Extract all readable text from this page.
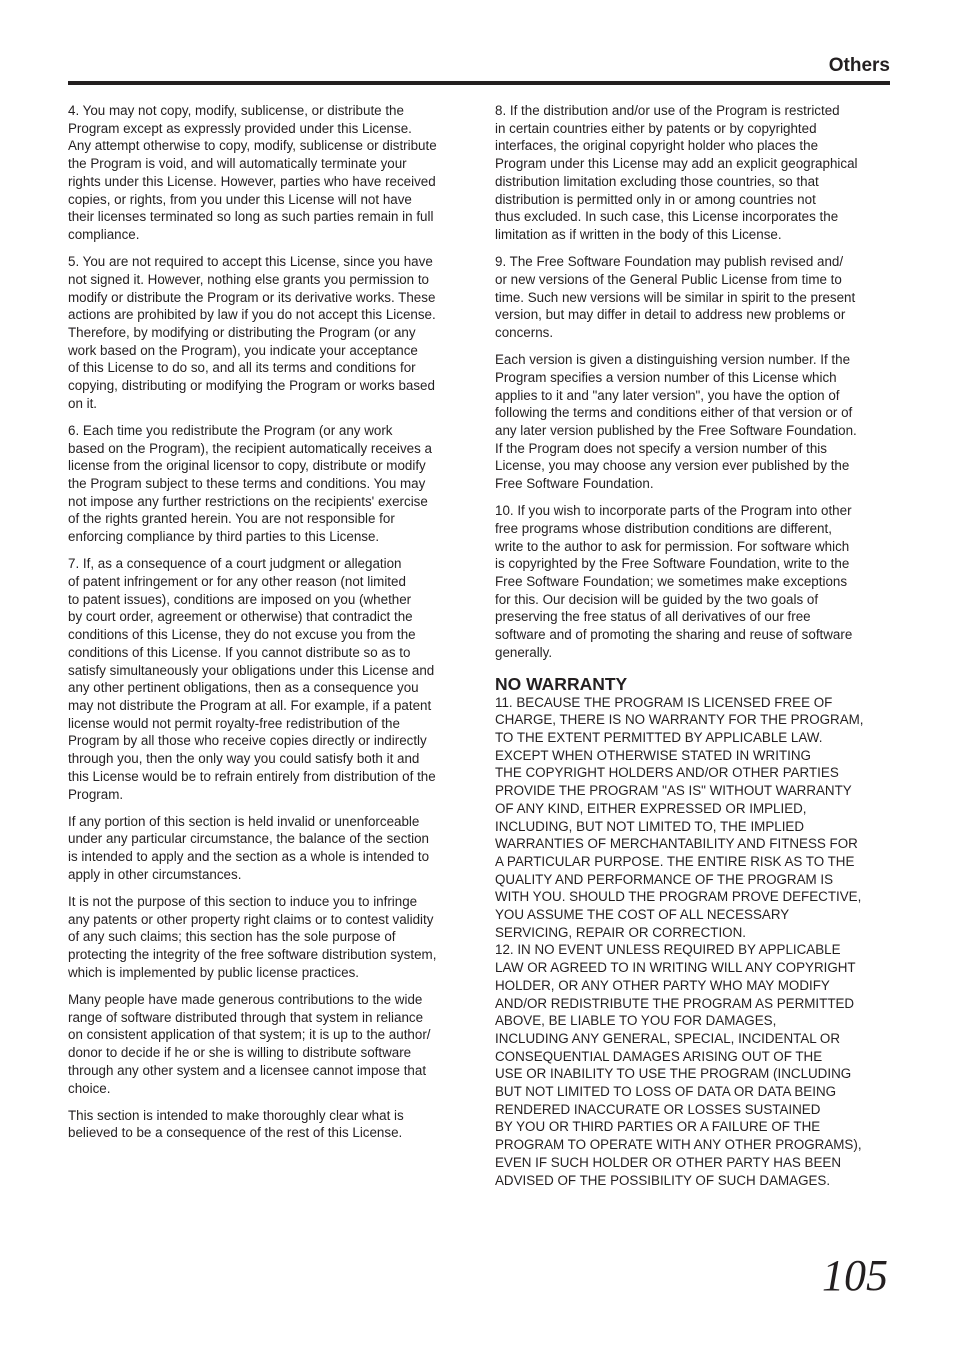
Others
4. You may not copy, modify, sublicense, or distribute the
Program except as expressly provided under this License.
Any attempt otherwise to copy, modify, sublicense or distribute
the Program is void, and will automatically terminate your
rights under this License. However, parties who have received
copies, or rights, from you under this License will not have
their licenses terminated so long as such parties remain in full
compliance.
5. You are not required to accept this License, since you have
not signed it. However, nothing else grants you permission to
modify or distribute the Program or its derivative works. These
actions are prohibited by law if you do not accept this License.
Therefore, by modifying or distributing the Program (or any
work based on the Program), you indicate your acceptance
of this License to do so, and all its terms and conditions for
copying, distributing or modifying the Program or works based
on it.
6. Each time you redistribute the Program (or any work
based on the Program), the recipient automatically receives a
license from the original licensor to copy, distribute or modify
the Program subject to these terms and conditions. You may
not impose any further restrictions on the recipients' exercise
of the rights granted herein. You are not responsible for
enforcing compliance by third parties to this License.
7. If, as a consequence of a court judgment or allegation
of patent infringement or for any other reason (not limited
to patent issues), conditions are imposed on you (whether
by court order, agreement or otherwise) that contradict the
conditions of this License, they do not excuse you from the
conditions of this License. If you cannot distribute so as to
satisfy simultaneously your obligations under this License and
any other pertinent obligations, then as a consequence you
may not distribute the Program at all. For example, if a patent
license would not permit royalty-free redistribution of the
Program by all those who receive copies directly or indirectly
through you, then the only way you could satisfy both it and
this License would be to refrain entirely from distribution of the
Program.
If any portion of this section is held invalid or unenforceable
under any particular circumstance, the balance of the section
is intended to apply and the section as a whole is intended to
apply in other circumstances.
It is not the purpose of this section to induce you to infringe
any patents or other property right claims or to contest validity
of any such claims; this section has the sole purpose of
protecting the integrity of the free software distribution system,
which is implemented by public license practices.
Many people have made generous contributions to the wide
range of software distributed through that system in reliance
on consistent application of that system; it is up to the author/
donor to decide if he or she is willing to distribute software
through any other system and a licensee cannot impose that
choice.
This section is intended to make thoroughly clear what is
believed to be a consequence of the rest of this License.
8. If the distribution and/or use of the Program is restricted
in certain countries either by patents or by copyrighted
interfaces, the original copyright holder who places the
Program under this License may add an explicit geographical
distribution limitation excluding those countries, so that
distribution is permitted only in or among countries not
thus excluded. In such case, this License incorporates the
limitation as if written in the body of this License.
9. The Free Software Foundation may publish revised and/
or new versions of the General Public License from time to
time. Such new versions will be similar in spirit to the present
version, but may differ in detail to address new problems or
concerns.
Each version is given a distinguishing version number. If the
Program specifies a version number of this License which
applies to it and "any later version", you have the option of
following the terms and conditions either of that version or of
any later version published by the Free Software Foundation.
If the Program does not specify a version number of this
License, you may choose any version ever published by the
Free Software Foundation.
10. If you wish to incorporate parts of the Program into other
free programs whose distribution conditions are different,
write to the author to ask for permission. For software which
is copyrighted by the Free Software Foundation, write to the
Free Software Foundation; we sometimes make exceptions
for this. Our decision will be guided by the two goals of
preserving the free status of all derivatives of our free
software and of promoting the sharing and reuse of software
generally.
NO WARRANTY
11. BECAUSE THE PROGRAM IS LICENSED FREE OF
CHARGE, THERE IS NO WARRANTY FOR THE PROGRAM,
TO THE EXTENT PERMITTED BY APPLICABLE LAW.
EXCEPT WHEN OTHERWISE STATED IN WRITING
THE COPYRIGHT HOLDERS AND/OR OTHER PARTIES
PROVIDE THE PROGRAM "AS IS" WITHOUT WARRANTY
OF ANY KIND, EITHER EXPRESSED OR IMPLIED,
INCLUDING, BUT NOT LIMITED TO, THE IMPLIED
WARRANTIES OF MERCHANTABILITY AND FITNESS FOR
A PARTICULAR PURPOSE. THE ENTIRE RISK AS TO THE
QUALITY AND PERFORMANCE OF THE PROGRAM IS
WITH YOU. SHOULD THE PROGRAM PROVE DEFECTIVE,
YOU ASSUME THE COST OF ALL NECESSARY
SERVICING, REPAIR OR CORRECTION.
12. IN NO EVENT UNLESS REQUIRED BY APPLICABLE
LAW OR AGREED TO IN WRITING WILL ANY COPYRIGHT
HOLDER, OR ANY OTHER PARTY WHO MAY MODIFY
AND/OR REDISTRIBUTE THE PROGRAM AS PERMITTED
ABOVE, BE LIABLE TO YOU FOR DAMAGES,
INCLUDING ANY GENERAL, SPECIAL, INCIDENTAL OR
CONSEQUENTIAL DAMAGES ARISING OUT OF THE
USE OR INABILITY TO USE THE PROGRAM (INCLUDING
BUT NOT LIMITED TO LOSS OF DATA OR DATA BEING
RENDERED INACCURATE OR LOSSES SUSTAINED
BY YOU OR THIRD PARTIES OR A FAILURE OF THE
PROGRAM TO OPERATE WITH ANY OTHER PROGRAMS),
EVEN IF SUCH HOLDER OR OTHER PARTY HAS BEEN
ADVISED OF THE POSSIBILITY OF SUCH DAMAGES.
105
